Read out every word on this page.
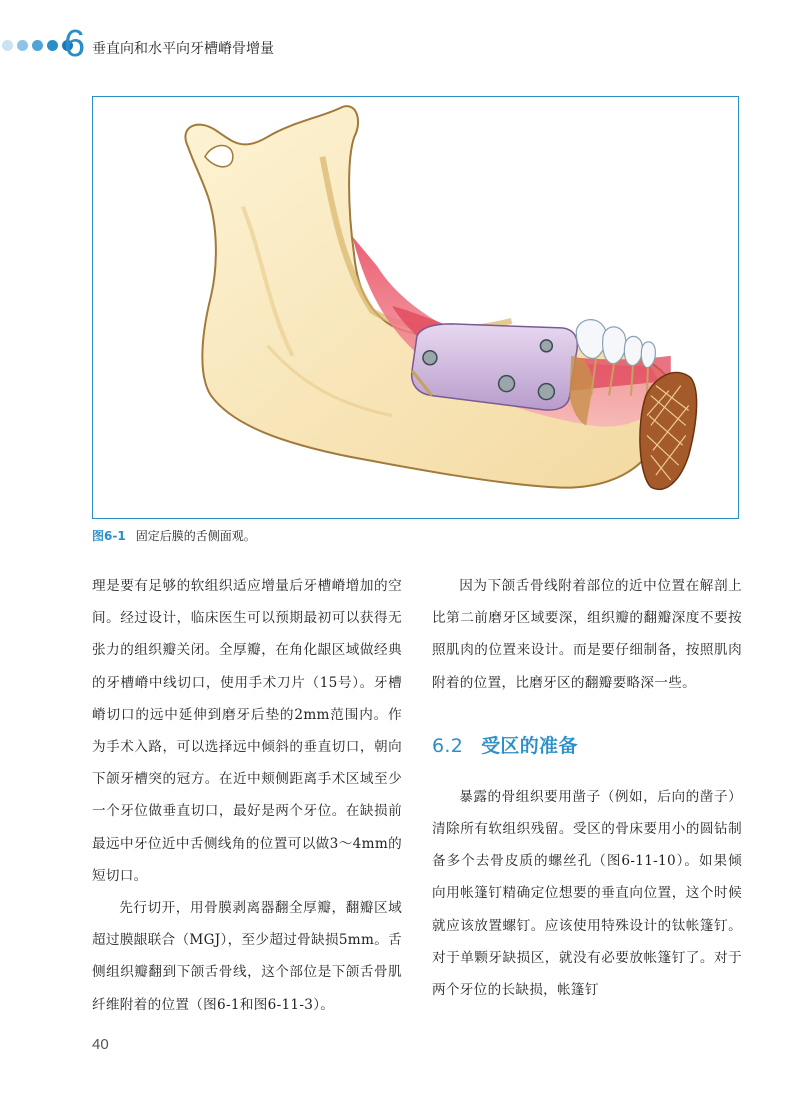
6 垂直向和水平向牙槽嵴骨增量
图6-1 固定后膜的舌侧面观。

理是要有足够的软组织适应增量后牙槽嵴增加的空间。经过设计，临床医生可以预期最初可以获得无张力的组织瓣关闭。全厚瓣，在角化龈区域做经典的牙槽嵴中线切口，使用手术刀片（15号）。牙槽嵴切口的远中延伸到磨牙后垫的2mm范围内。作为手术入路，可以选择远中倾斜的垂直切口，朝向下颌牙槽突的冠方。在近中颊侧距离手术区域至少一个牙位做垂直切口，最好是两个牙位。在缺损前最远中牙位近中舌侧线角的位置可以做3～4mm的短切口。

先行切开，用骨膜剥离器翻全厚瓣，翻瓣区域超过膜龈联合（MGJ），至少超过骨缺损5mm。舌侧组织瓣翻到下颌舌骨线，这个部位是下颌舌骨肌纤维附着的位置（图6-1和图6-11-3）。

因为下颌舌骨线附着部位的近中位置在解剖上比第二前磨牙区域要深，组织瓣的翻瓣深度不要按照肌肉的位置来设计。而是要仔细制备，按照肌肉附着的位置，比磨牙区的翻瓣要略深一些。

6.2 受区的准备

暴露的骨组织要用凿子（例如，后向的凿子）清除所有软组织残留。受区的骨床要用小的圆钻制备多个去骨皮质的螺丝孔（图6-11-10）。如果倾向用帐篷钉精确定位想要的垂直向位置，这个时候就应该放置螺钉。应该使用特殊设计的钛帐篷钉。对于单颗牙缺损区，就没有必要放帐篷钉了。对于两个牙位的长缺损，帐篷钉

40
